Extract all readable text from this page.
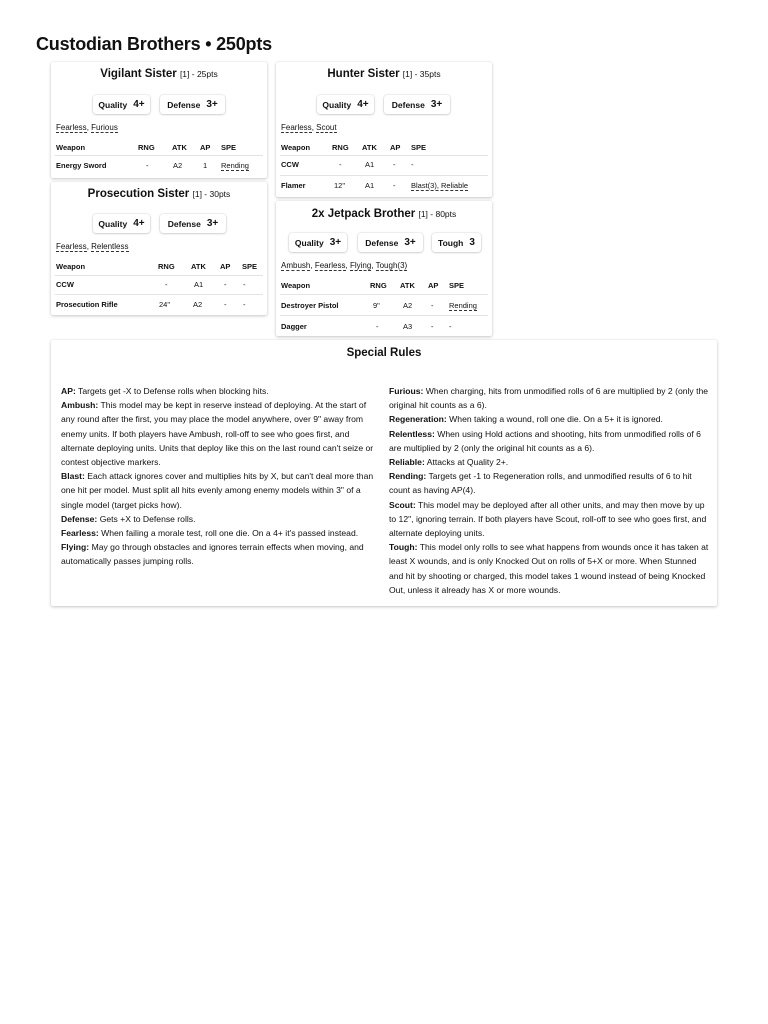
Custodian Brothers • 250pts
Vigilant Sister [1] - 25pts
Quality 4+	Defense 3+
Fearless, Furious
Weapon	RNG ATK AP SPE
Energy Sword	-	A2	1 Rending
Hunter Sister [1] - 35pts
Quality 4+	Defense 3+
Fearless, Scout
Weapon	RNG ATK AP SPE
CCW	-	A1	- -
Flamer	12"	A1	- Blast(3), Reliable
Prosecution Sister [1] - 30pts
Quality 4+	Defense 3+
Fearless, Relentless
Weapon	RNG ATK AP SPE
CCW	-	A1	- -
Prosecution Rifle	24"	A2	- -
2x Jetpack Brother [1] - 80pts
Quality 3+	Defense 3+	Tough 3
Ambush, Fearless, Flying, Tough(3)
Weapon	RNG ATK AP SPE
Destroyer Pistol	9"	A2	- Rending
Dagger	-	A3	- -
Special Rules

AP: Targets get -X to Defense rolls when blocking hits.

Ambush: This model may be kept in reserve instead of deploying. At the start of any round after the first, you may place the model anywhere, over 9" away from enemy units. If both players have Ambush, roll-off to see who goes first, and alternate deploying units. Units that deploy like this on the last round can't seize or contest objective markers.

Blast: Each attack ignores cover and multiplies hits by X, but can't deal more than one hit per model. Must split all hits evenly among enemy models within 3" of a single model (target picks how).

Defense: Gets +X to Defense rolls.

Fearless: When failing a morale test, roll one die. On a 4+ it's passed instead.

Flying: May go through obstacles and ignores terrain effects when moving, and automatically passes jumping rolls.

Furious: When charging, hits from unmodified rolls of 6 are multiplied by 2 (only the original hit counts as a 6).

Regeneration: When taking a wound, roll one die. On a 5+ it is ignored.

Relentless: When using Hold actions and shooting, hits from unmodified rolls of 6 are multiplied by 2 (only the original hit counts as a 6).

Reliable: Attacks at Quality 2+.

Rending: Targets get -1 to Regeneration rolls, and unmodified results of 6 to hit count as having AP(4).

Scout: This model may be deployed after all other units, and may then move by up to 12", ignoring terrain. If both players have Scout, roll-off to see who goes first, and alternate deploying units.

Tough: This model only rolls to see what happens from wounds once it has taken at least X wounds, and is only Knocked Out on rolls of 5+X or more. When Stunned and hit by shooting or charged, this model takes 1 wound instead of being Knocked Out, unless it already has X or more wounds.
